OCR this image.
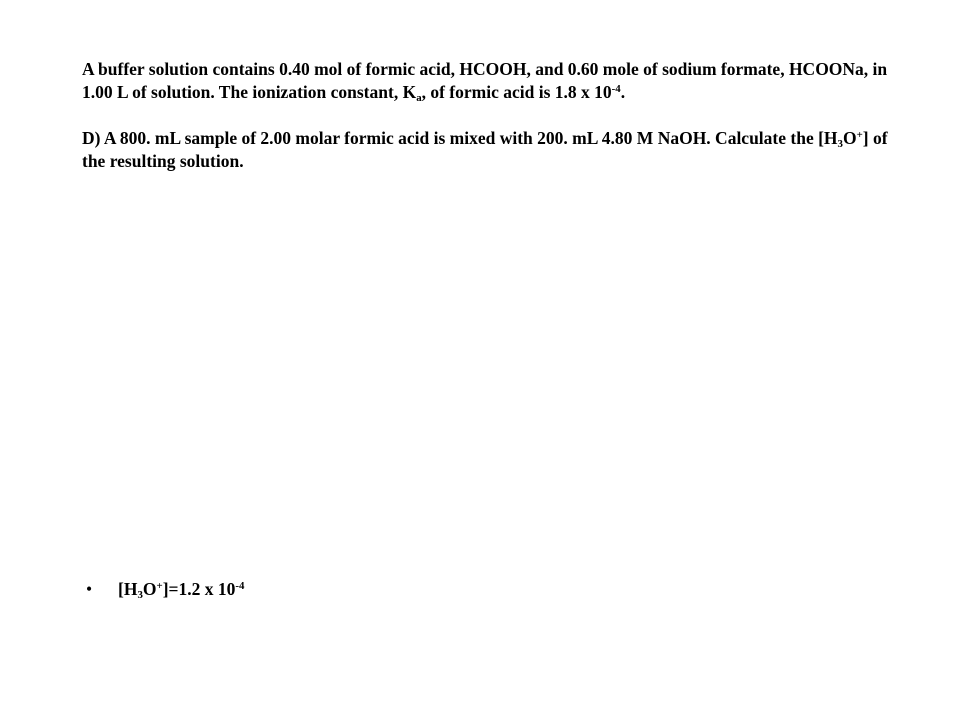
A buffer solution contains 0.40 mol of formic acid, HCOOH, and 0.60 mole of sodium formate, HCOONa, in 1.00 L of solution. The ionization constant, $K_a$, of formic acid is 1.8 x $10^{-4}$.

D) A 800. mL sample of 2.00 molar formic acid is mixed with 200. mL 4.80 M NaOH. Calculate the $[H_3O^+]$ of the resulting solution.

•	$[H_3O^+]=1.2$ x $10^{-4}$
